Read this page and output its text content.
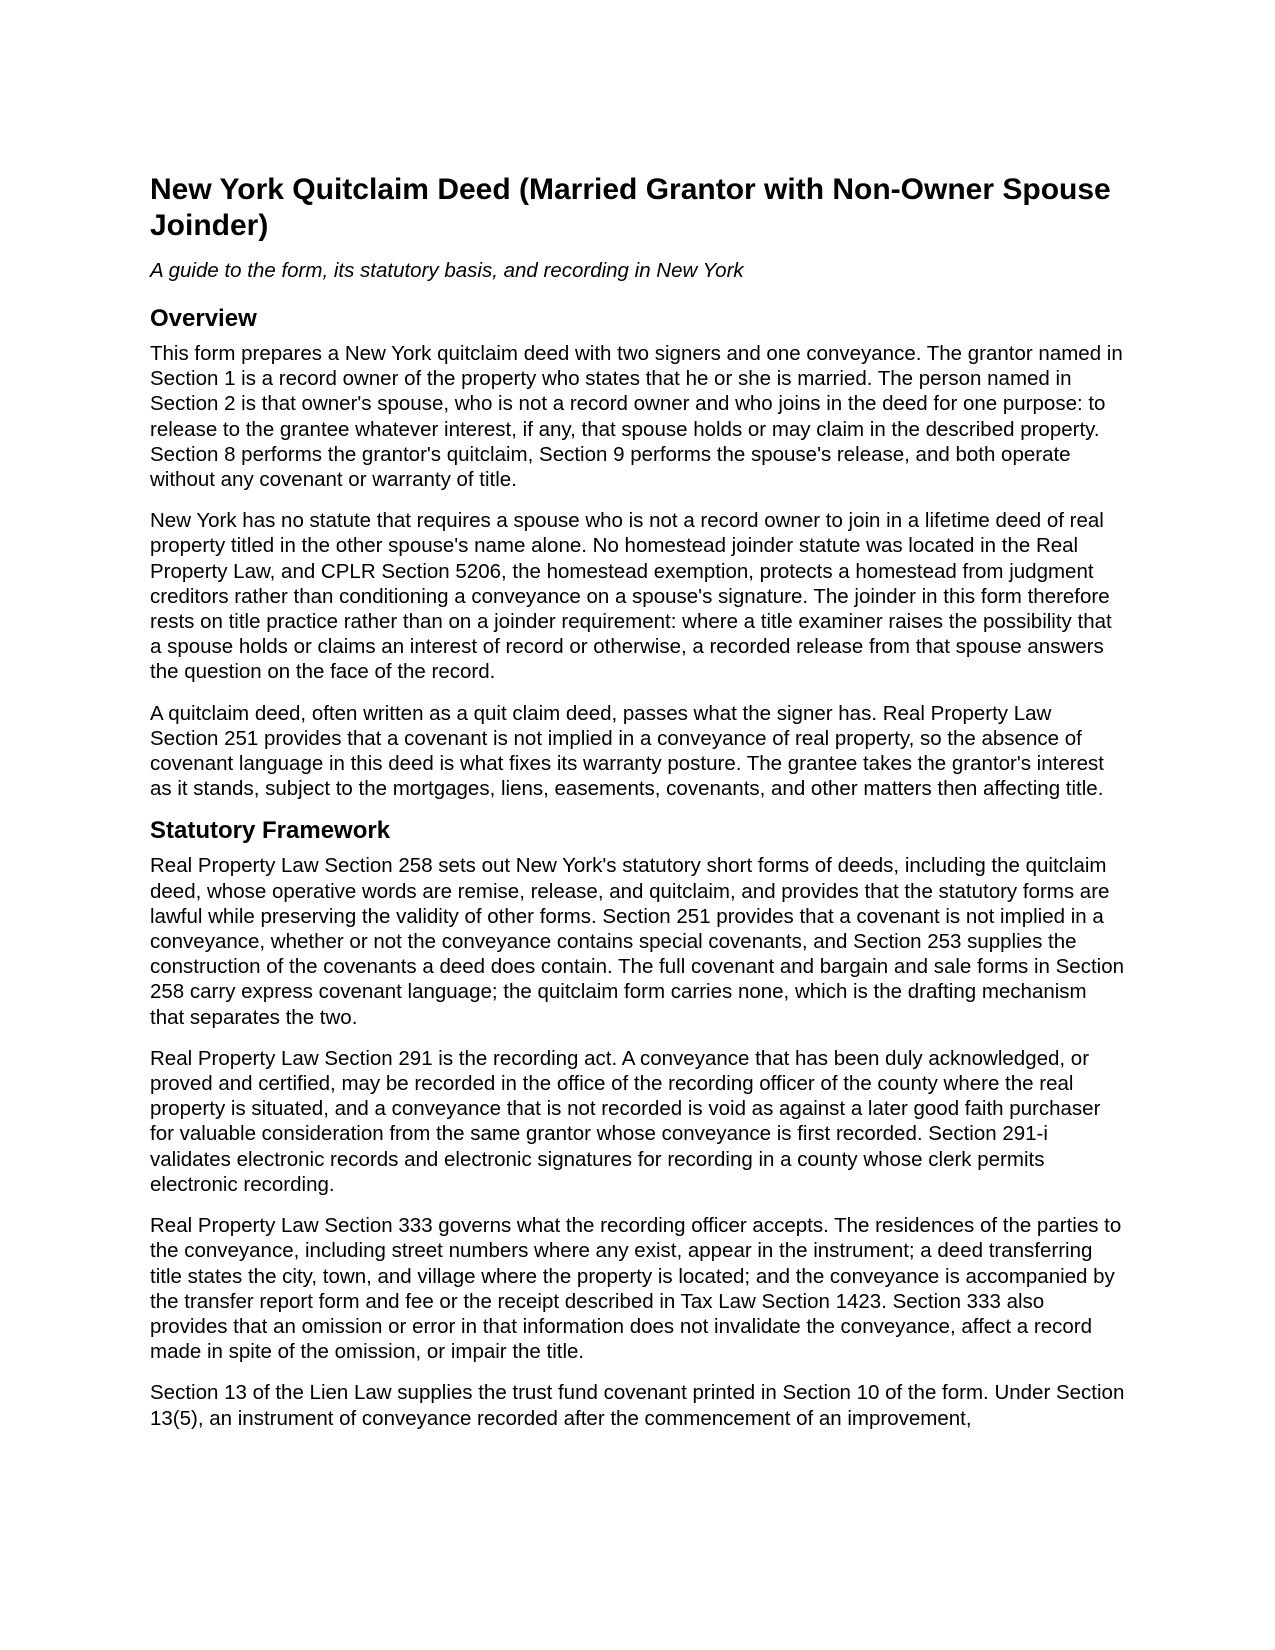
New York Quitclaim Deed (Married Grantor with Non-Owner Spouse Joinder)
A guide to the form, its statutory basis, and recording in New York
Overview

This form prepares a New York quitclaim deed with two signers and one conveyance. The grantor named in Section 1 is a record owner of the property who states that he or she is married. The person named in Section 2 is that owner's spouse, who is not a record owner and who joins in the deed for one purpose: to release to the grantee whatever interest, if any, that spouse holds or may claim in the described property. Section 8 performs the grantor's quitclaim, Section 9 performs the spouse's release, and both operate without any covenant or warranty of title.

New York has no statute that requires a spouse who is not a record owner to join in a lifetime deed of real property titled in the other spouse's name alone. No homestead joinder statute was located in the Real Property Law, and CPLR Section 5206, the homestead exemption, protects a homestead from judgment creditors rather than conditioning a conveyance on a spouse's signature. The joinder in this form therefore rests on title practice rather than on a joinder requirement: where a title examiner raises the possibility that a spouse holds or claims an interest of record or otherwise, a recorded release from that spouse answers the question on the face of the record.

A quitclaim deed, often written as a quit claim deed, passes what the signer has. Real Property Law Section 251 provides that a covenant is not implied in a conveyance of real property, so the absence of covenant language in this deed is what fixes its warranty posture. The grantee takes the grantor's interest as it stands, subject to the mortgages, liens, easements, covenants, and other matters then affecting title.

Statutory Framework

Real Property Law Section 258 sets out New York's statutory short forms of deeds, including the quitclaim deed, whose operative words are remise, release, and quitclaim, and provides that the statutory forms are lawful while preserving the validity of other forms. Section 251 provides that a covenant is not implied in a conveyance, whether or not the conveyance contains special covenants, and Section 253 supplies the construction of the covenants a deed does contain. The full covenant and bargain and sale forms in Section 258 carry express covenant language; the quitclaim form carries none, which is the drafting mechanism that separates the two.

Real Property Law Section 291 is the recording act. A conveyance that has been duly acknowledged, or proved and certified, may be recorded in the office of the recording officer of the county where the real property is situated, and a conveyance that is not recorded is void as against a later good faith purchaser for valuable consideration from the same grantor whose conveyance is first recorded. Section 291-i validates electronic records and electronic signatures for recording in a county whose clerk permits electronic recording.

Real Property Law Section 333 governs what the recording officer accepts. The residences of the parties to the conveyance, including street numbers where any exist, appear in the instrument; a deed transferring title states the city, town, and village where the property is located; and the conveyance is accompanied by the transfer report form and fee or the receipt described in Tax Law Section 1423. Section 333 also provides that an omission or error in that information does not invalidate the conveyance, affect a record made in spite of the omission, or impair the title.

Section 13 of the Lien Law supplies the trust fund covenant printed in Section 10 of the form. Under Section 13(5), an instrument of conveyance recorded after the commencement of an improvement,
